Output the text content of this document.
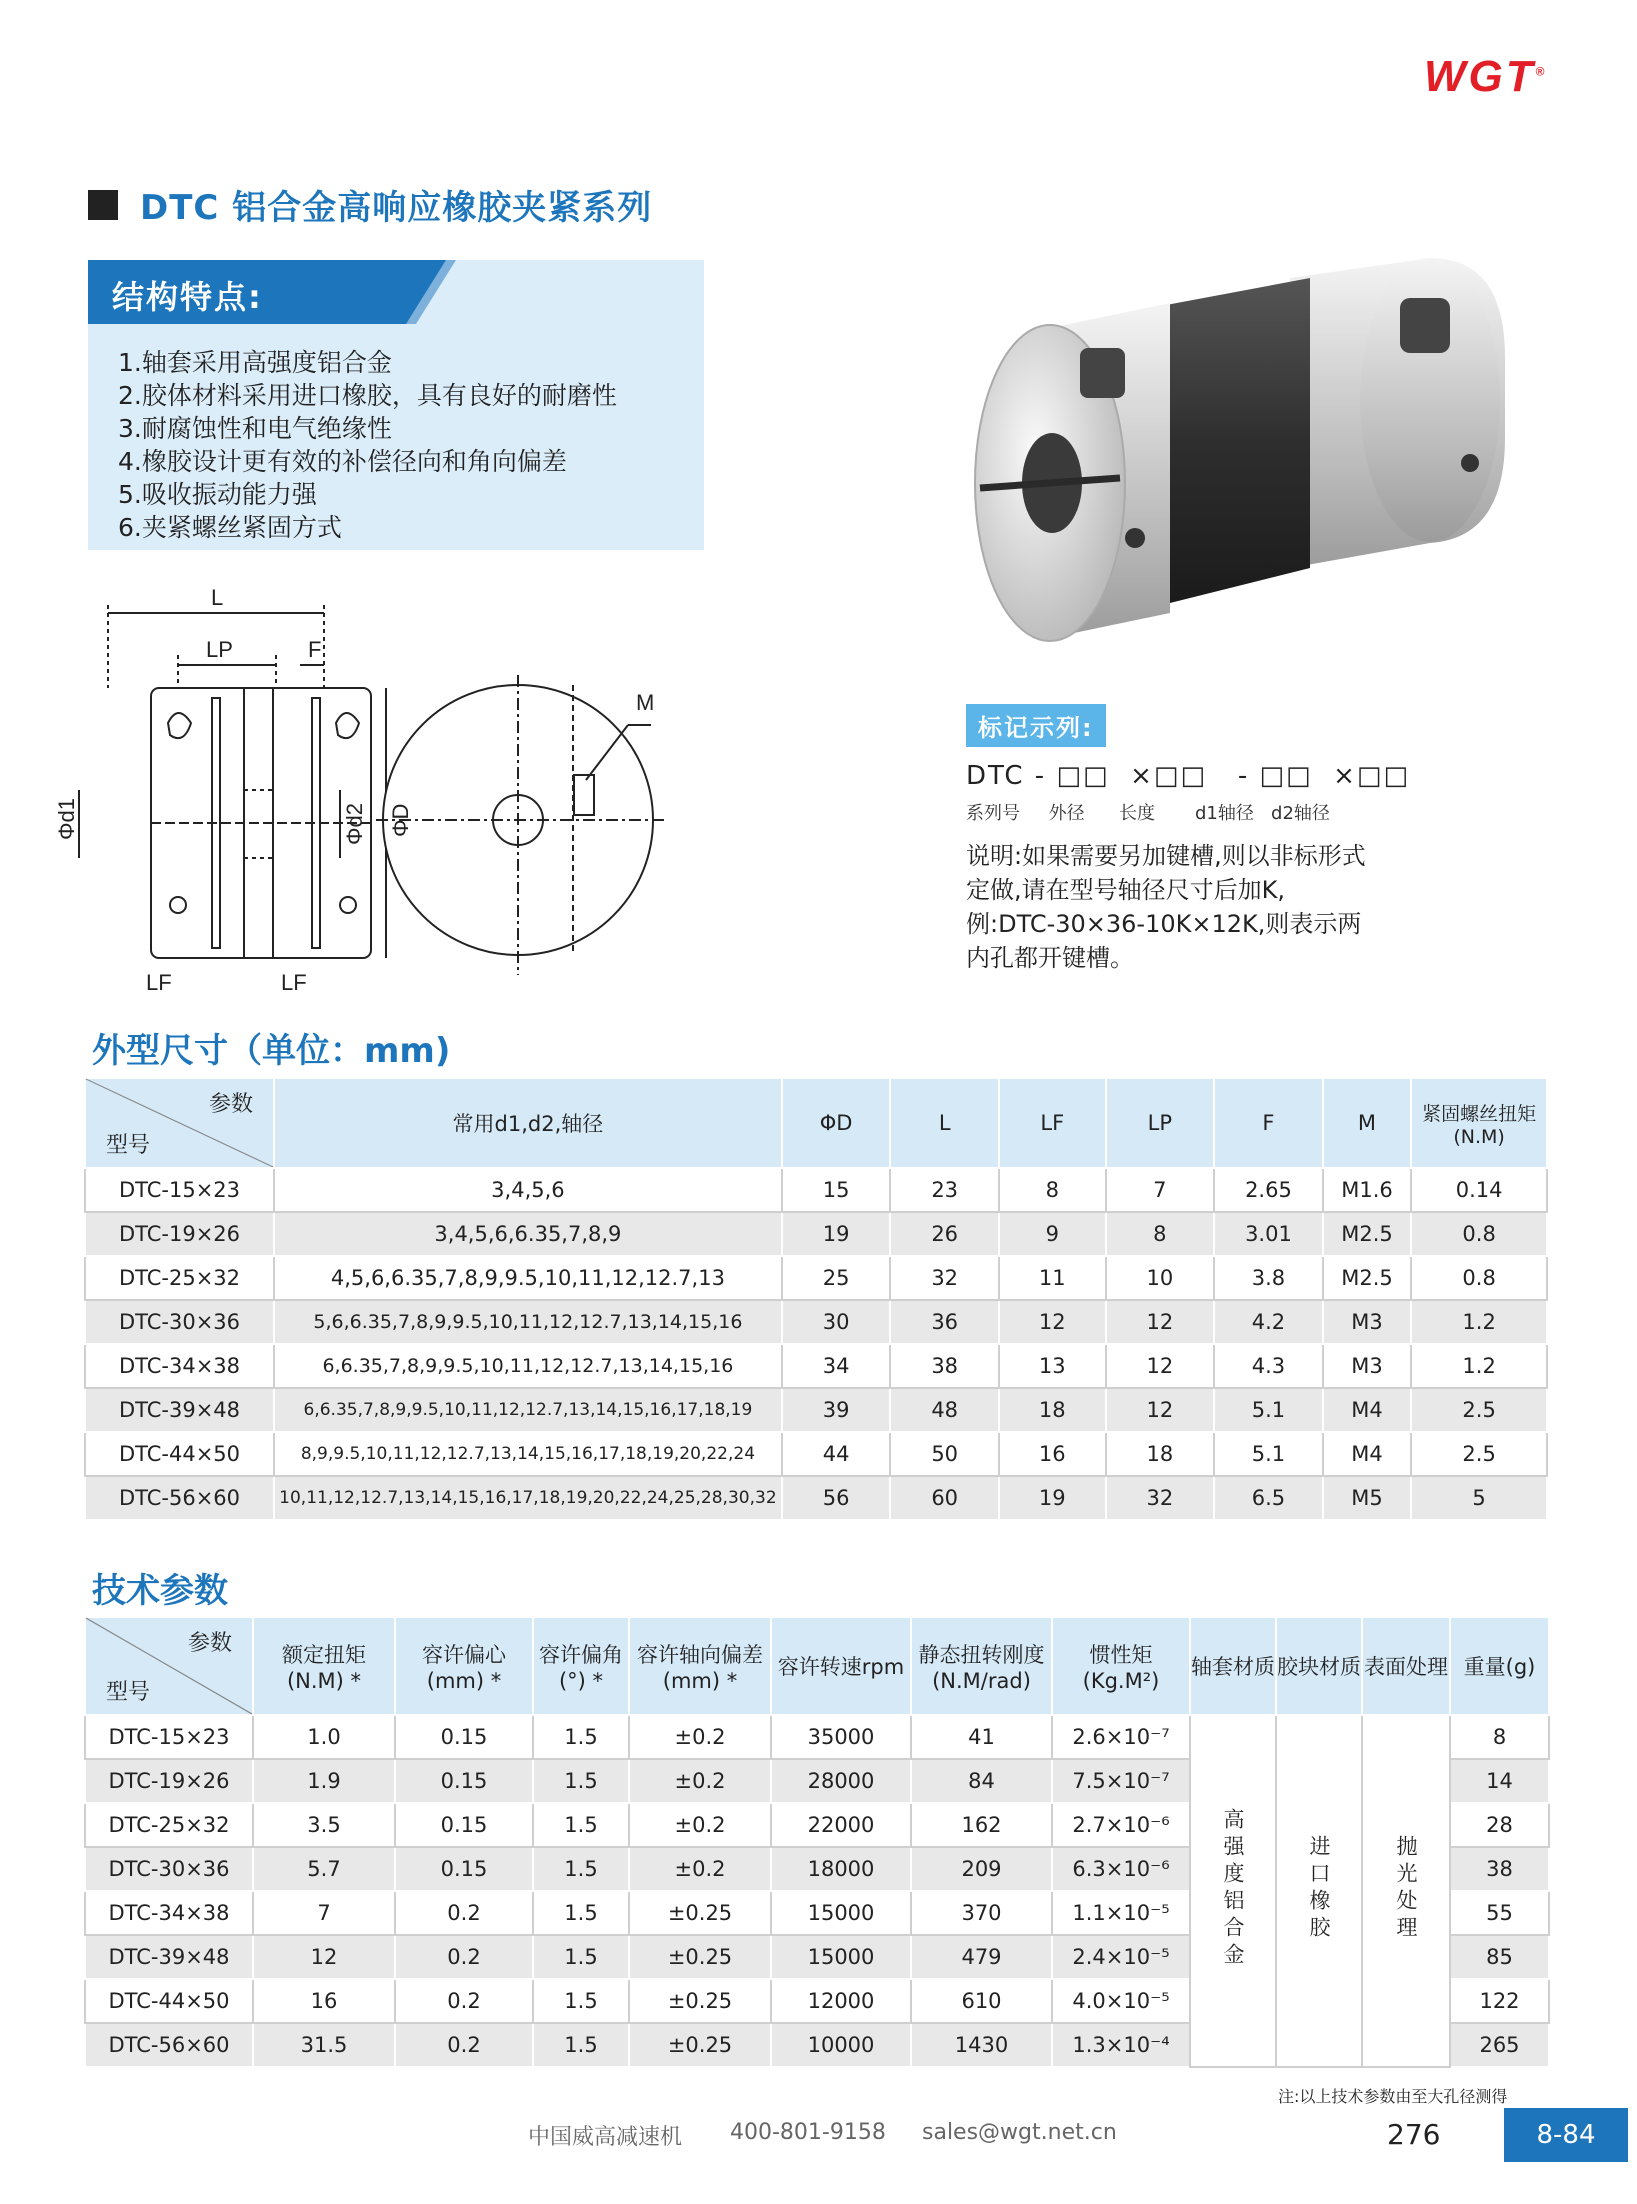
WGT®
DTC 铝合金高响应橡胶夹紧系列
结构特点:
1.轴套采用高强度铝合金
2.胶体材料采用进口橡胶，具有良好的耐磨性
3.耐腐蚀性和电气绝缘性
4.橡胶设计更有效的补偿径向和角向偏差
5.吸收振动能力强
6.夹紧螺丝紧固方式
L
LP	F
LF	LF
M
Φd1	Φd2 ΦD
标记示列:
DTC - □□  ×□□   - □□  ×□□
系列号     外径      长度       d1轴径   d2轴径
说明:如果需要另加键槽,则以非标形式
定做,请在型号轴径尺寸后加K,
例:DTC-30×36-10K×12K,则表示两
内孔都开键槽。
外型尺寸（单位：mm)
参数
型号	常用d1,d2,轴径	ΦD	L	LF	LP	F	M	紧固螺丝扭矩(N.M)
DTC-15×23	3,4,5,6	15	23	8	7	2.65	M1.6	0.14
DTC-19×26	3,4,5,6,6.35,7,8,9	19	26	9	8	3.01	M2.5	0.8
DTC-25×32	4,5,6,6.35,7,8,9,9.5,10,11,12,12.7,13	25	32	11	10	3.8	M2.5	0.8
DTC-30×36	5,6,6.35,7,8,9,9.5,10,11,12,12.7,13,14,15,16	30	36	12	12	4.2	M3	1.2
DTC-34×38	6,6.35,7,8,9,9.5,10,11,12,12.7,13,14,15,16	34	38	13	12	4.3	M3	1.2
DTC-39×48	6,6.35,7,8,9,9.5,10,11,12,12.7,13,14,15,16,17,18,19	39	48	18	12	5.1	M4	2.5
DTC-44×50	8,9,9.5,10,11,12,12.7,13,14,15,16,17,18,19,20,22,24	44	50	16	18	5.1	M4	2.5
DTC-56×60	10,11,12,12.7,13,14,15,16,17,18,19,20,22,24,25,28,30,32	56	60	19	32	6.5	M5	5
技术参数
参数
型号	额定扭矩(N.M) *	容许偏心(mm) *	容许偏角(°) *	容许轴向偏差(mm) *	容许转速rpm	静态扭转刚度(N.M/rad)	惯性矩(Kg.M²)	轴套材质	胶块材质	表面处理	重量(g)
DTC-15×23	1.0	0.15	1.5	±0.2	35000	41	2.6×10⁻⁷	高强度铝合金	进口橡胶	抛光处理	8
DTC-19×26	1.9	0.15	1.5	±0.2	28000	84	7.5×10⁻⁷				14
DTC-25×32	3.5	0.15	1.5	±0.2	22000	162	2.7×10⁻⁶				28
DTC-30×36	5.7	0.15	1.5	±0.2	18000	209	6.3×10⁻⁶				38
DTC-34×38	7	0.2	1.5	±0.25	15000	370	1.1×10⁻⁵				55
DTC-39×48	12	0.2	1.5	±0.25	15000	479	2.4×10⁻⁵				85
DTC-44×50	16	0.2	1.5	±0.25	12000	610	4.0×10⁻⁵				122
DTC-56×60	31.5	0.2	1.5	±0.25	10000	1430	1.3×10⁻⁴				265
注:以上技术参数由至大孔径测得
中国威高减速机 400-801-9158 sales@wgt.net.cn	276	8-84
